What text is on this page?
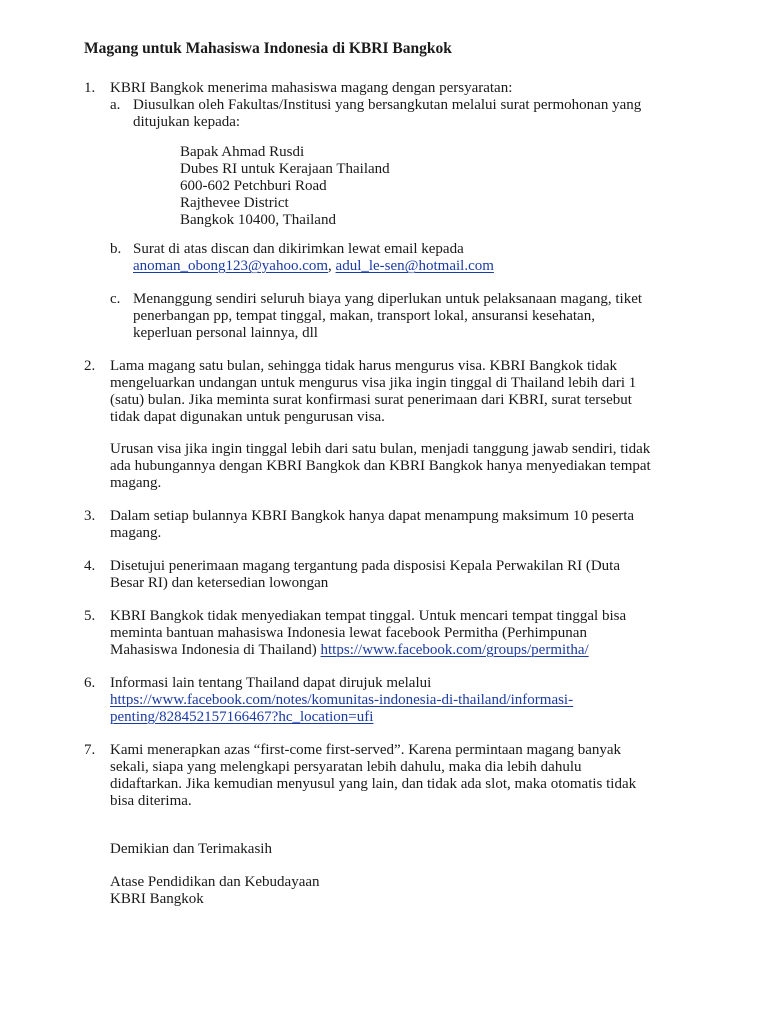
Magang untuk Mahasiswa Indonesia di KBRI Bangkok
1. KBRI Bangkok menerima mahasiswa magang dengan persyaratan:
a. Diusulkan oleh Fakultas/Institusi yang bersangkutan melalui surat permohonan yang
ditujukan kepada:
Bapak Ahmad Rusdi
Dubes RI untuk Kerajaan Thailand
600-602 Petchburi Road
Rajthevee District
Bangkok 10400, Thailand
b. Surat di atas discan dan dikirimkan lewat email kepada
anoman_obong123@yahoo.com, adul_le-sen@hotmail.com
c. Menanggung sendiri seluruh biaya yang diperlukan untuk pelaksanaan magang, tiket
penerbangan pp, tempat tinggal, makan, transport lokal, ansuransi kesehatan,
keperluan personal lainnya, dll
2. Lama magang satu bulan, sehingga tidak harus mengurus visa. KBRI Bangkok tidak
mengeluarkan undangan untuk mengurus visa jika ingin tinggal di Thailand lebih dari 1
(satu) bulan. Jika meminta surat konfirmasi surat penerimaan dari KBRI, surat tersebut
tidak dapat digunakan untuk pengurusan visa.
Urusan visa jika ingin tinggal lebih dari satu bulan, menjadi tanggung jawab sendiri, tidak
ada hubungannya dengan KBRI Bangkok dan KBRI Bangkok hanya menyediakan tempat
magang.
3. Dalam setiap bulannya KBRI Bangkok hanya dapat menampung maksimum 10 peserta
magang.
4. Disetujui penerimaan magang tergantung pada disposisi Kepala Perwakilan RI (Duta
Besar RI) dan ketersedian lowongan
5. KBRI Bangkok tidak menyediakan tempat tinggal. Untuk mencari tempat tinggal bisa
meminta bantuan mahasiswa Indonesia lewat facebook Permitha (Perhimpunan
Mahasiswa Indonesia di Thailand) https://www.facebook.com/groups/permitha/
6. Informasi lain tentang Thailand dapat dirujuk melalui
https://www.facebook.com/notes/komunitas-indonesia-di-thailand/informasi-
penting/828452157166467?hc_location=ufi
7. Kami menerapkan azas “first-come first-served”. Karena permintaan magang banyak
sekali, siapa yang melengkapi persyaratan lebih dahulu, maka dia lebih dahulu
didaftarkan. Jika kemudian menyusul yang lain, dan tidak ada slot, maka otomatis tidak
bisa diterima.
Demikian dan Terimakasih
Atase Pendidikan dan Kebudayaan
KBRI Bangkok
